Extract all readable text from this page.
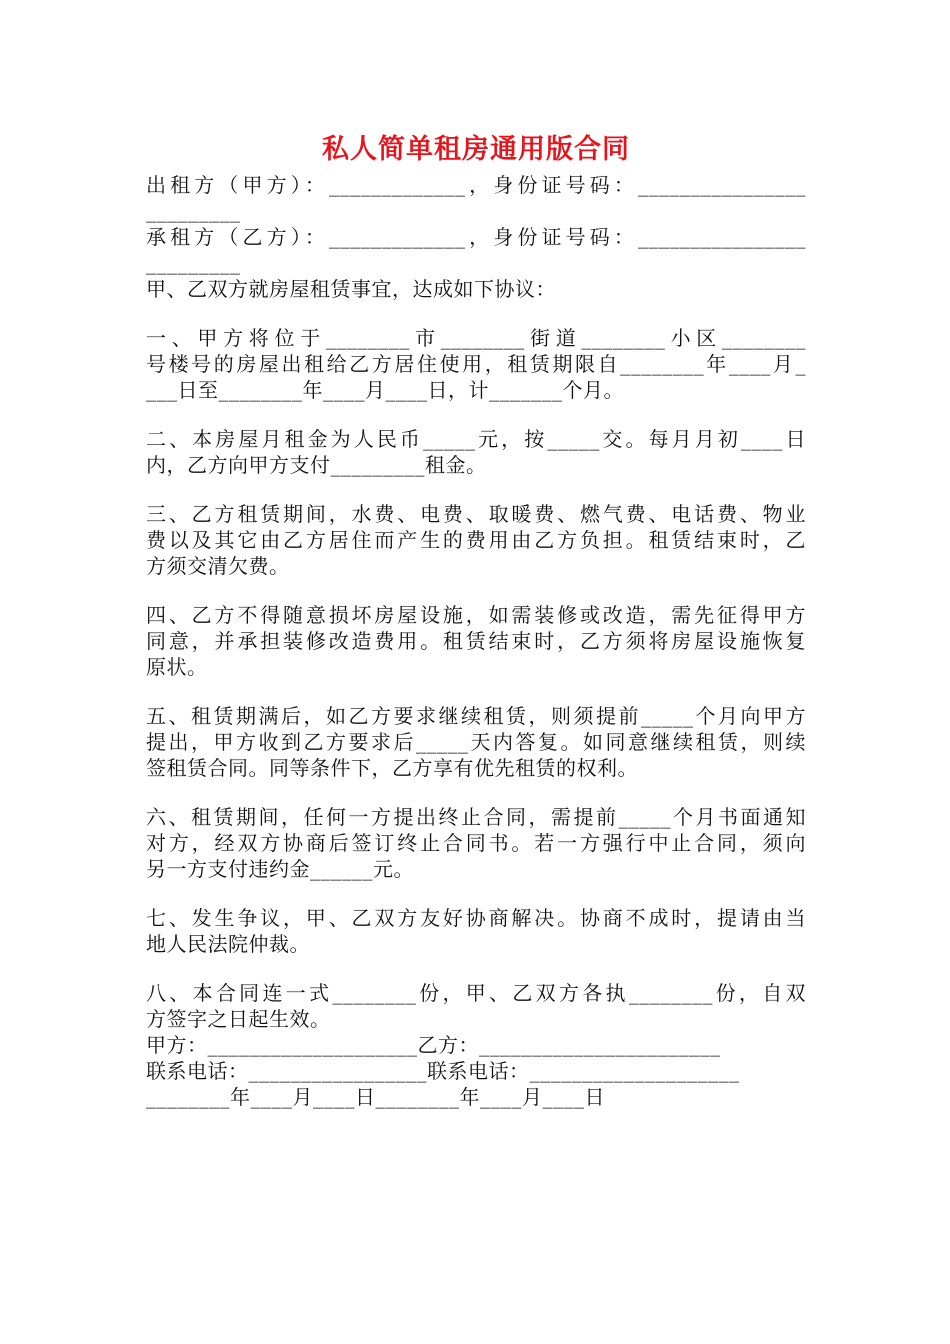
私人简单租房通用版合同

出租方（甲方）：_____________，身份证号码：________________

_________

承租方（乙方）：_____________，身份证号码：________________

_________

甲、乙双方就房屋租赁事宜，达成如下协议：

一、甲方将位于________市________街道________小区________

号楼号的房屋出租给乙方居住使用，租赁期限自________年____月_

___日至________年____月____日，计_______个月。

二、本房屋月租金为人民币_____元，按_____交。每月月初____日

内，乙方向甲方支付_________租金。

三、乙方租赁期间，水费、电费、取暖费、燃气费、电话费、物业

费以及其它由乙方居住而产生的费用由乙方负担。租赁结束时，乙

方须交清欠费。

四、乙方不得随意损坏房屋设施，如需装修或改造，需先征得甲方

同意，并承担装修改造费用。租赁结束时，乙方须将房屋设施恢复

原状。

五、租赁期满后，如乙方要求继续租赁，则须提前_____个月向甲方

提出，甲方收到乙方要求后_____天内答复。如同意继续租赁，则续

签租赁合同。同等条件下，乙方享有优先租赁的权利。

六、租赁期间，任何一方提出终止合同，需提前_____个月书面通知

对方，经双方协商后签订终止合同书。若一方强行中止合同，须向

另一方支付违约金______元。

七、发生争议，甲、乙双方友好协商解决。协商不成时，提请由当

地人民法院仲裁。

八、本合同连一式________份，甲、乙双方各执________份，自双

方签字之日起生效。

甲方：____________________乙方：_______________________

联系电话：_________________联系电话：____________________

________年____月____日________年____月____日
